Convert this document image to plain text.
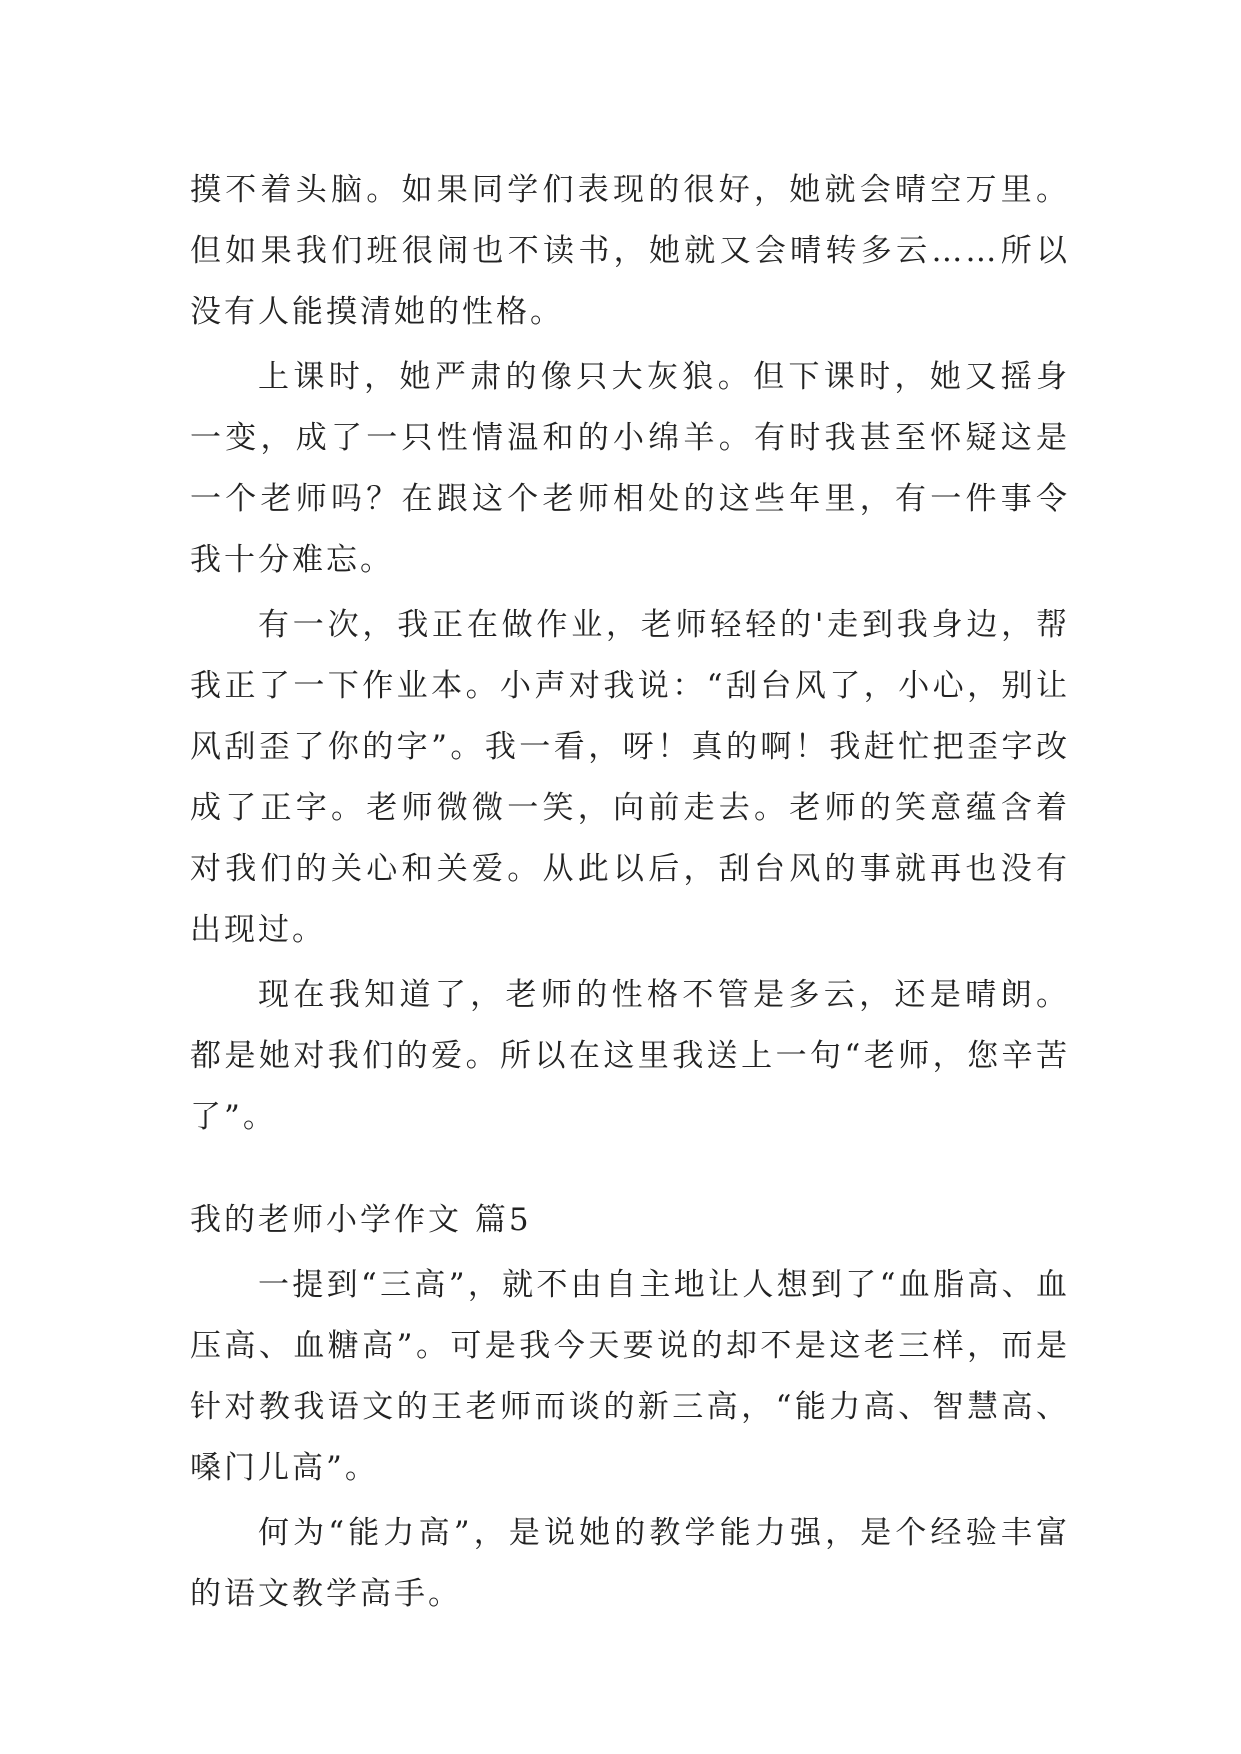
摸不着头脑。如果同学们表现的很好，她就会晴空万里。但如果我们班很闹也不读书，她就又会晴转多云……所以没有人能摸清她的性格。

上课时，她严肃的像只大灰狼。但下课时，她又摇身一变，成了一只性情温和的小绵羊。有时我甚至怀疑这是一个老师吗？在跟这个老师相处的这些年里，有一件事令我十分难忘。

有一次，我正在做作业，老师轻轻的'走到我身边，帮我正了一下作业本。小声对我说：“刮台风了，小心，别让风刮歪了你的字”。我一看，呀！真的啊！我赶忙把歪字改成了正字。老师微微一笑，向前走去。老师的笑意蕴含着对我们的关心和关爱。从此以后，刮台风的事就再也没有出现过。

现在我知道了，老师的性格不管是多云，还是晴朗。都是她对我们的爱。所以在这里我送上一句“老师，您辛苦了”。

我的老师小学作文 篇5

一提到“三高”，就不由自主地让人想到了“血脂高、血压高、血糖高”。可是我今天要说的却不是这老三样，而是针对教我语文的王老师而谈的新三高，“能力高、智慧高、嗓门儿高”。

何为“能力高”，是说她的教学能力强，是个经验丰富的语文教学高手。
